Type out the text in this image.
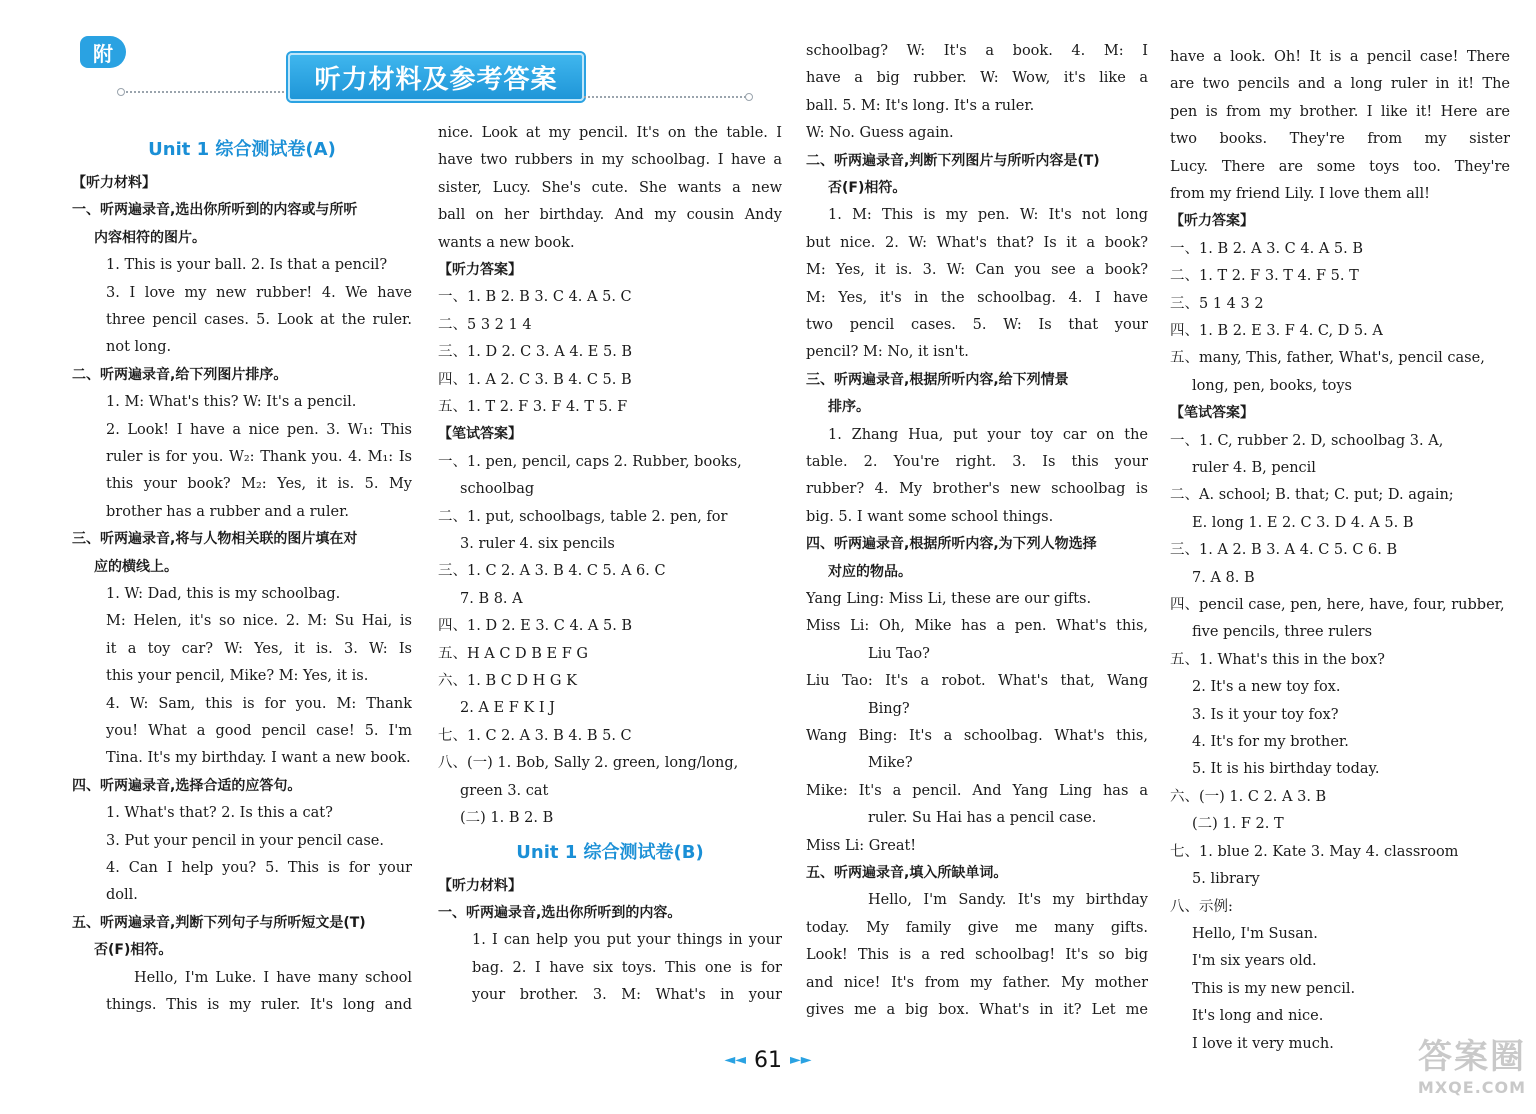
附
听力材料及参考答案
Unit 1 综合测试卷(A)
【听力材料】
一、听两遍录音,选出你所听到的内容或与所听
内容相符的图片。
1. This is your ball. 2. Is that a pencil?
3. I love my new rubber! 4. We have
three pencil cases. 5. Look at the ruler.
not long.
二、听两遍录音,给下列图片排序。
1. M: What's this? W: It's a pencil.
2. Look! I have a nice pen. 3. W₁: This
ruler is for you. W₂: Thank you. 4. M₁: Is
this your book? M₂: Yes, it is. 5. My
brother has a rubber and a ruler.
三、听两遍录音,将与人物相关联的图片填在对
应的横线上。
1. W: Dad, this is my schoolbag.
M: Helen, it's so nice. 2. M: Su Hai, is
it a toy car? W: Yes, it is. 3. W: Is
this your pencil, Mike? M: Yes, it is.
4. W: Sam, this is for you. M: Thank
you! What a good pencil case! 5. I'm
Tina. It's my birthday. I want a new book.
四、听两遍录音,选择合适的应答句。
1. What's that? 2. Is this a cat?
3. Put your pencil in your pencil case.
4. Can I help you? 5. This is for your
doll.
五、听两遍录音,判断下列句子与所听短文是(T)
否(F)相符。
Hello, I'm Luke. I have many school
things. This is my ruler. It's long and
nice. Look at my pencil. It's on the table. I
have two rubbers in my schoolbag. I have a
sister, Lucy. She's cute. She wants a new
ball on her birthday. And my cousin Andy
wants a new book.
【听力答案】
一、1. B 2. B 3. C 4. A 5. C
二、5 3 2 1 4
三、1. D 2. C 3. A 4. E 5. B
四、1. A 2. C 3. B 4. C 5. B
五、1. T 2. F 3. F 4. T 5. F
【笔试答案】
一、1. pen, pencil, caps 2. Rubber, books,
schoolbag
二、1. put, schoolbags, table 2. pen, for
3. ruler 4. six pencils
三、1. C 2. A 3. B 4. C 5. A 6. C
7. B 8. A
四、1. D 2. E 3. C 4. A 5. B
五、H A C D B E F G
六、1. B C D H G K
2. A E F K I J
七、1. C 2. A 3. B 4. B 5. C
八、(一) 1. Bob, Sally 2. green, long/long,
green 3. cat
(二) 1. B 2. B
Unit 1 综合测试卷(B)
【听力材料】
一、听两遍录音,选出你所听到的内容。
1. I can help you put your things in your
bag. 2. I have six toys. This one is for
your brother. 3. M: What's in your
schoolbag? W: It's a book. 4. M: I
have a big rubber. W: Wow, it's like a
ball. 5. M: It's long. It's a ruler.
W: No. Guess again.
二、听两遍录音,判断下列图片与所听内容是(T)
否(F)相符。
1. M: This is my pen. W: It's not long
but nice. 2. W: What's that? Is it a book?
M: Yes, it is. 3. W: Can you see a book?
M: Yes, it's in the schoolbag. 4. I have
two pencil cases. 5. W: Is that your
pencil? M: No, it isn't.
三、听两遍录音,根据所听内容,给下列情景
排序。
1. Zhang Hua, put your toy car on the
table. 2. You're right. 3. Is this your
rubber? 4. My brother's new schoolbag is
big. 5. I want some school things.
四、听两遍录音,根据所听内容,为下列人物选择
对应的物品。
Yang Ling: Miss Li, these are our gifts.
Miss Li: Oh, Mike has a pen. What's this,
Liu Tao?
Liu Tao: It's a robot. What's that, Wang
Bing?
Wang Bing: It's a schoolbag. What's this,
Mike?
Mike: It's a pencil. And Yang Ling has a
ruler. Su Hai has a pencil case.
Miss Li: Great!
五、听两遍录音,填入所缺单词。
Hello, I'm Sandy. It's my birthday
today. My family give me many gifts.
Look! This is a red schoolbag! It's so big
and nice! It's from my father. My mother
gives me a big box. What's in it? Let me
have a look. Oh! It is a pencil case! There
are two pencils and a long ruler in it! The
pen is from my brother. I like it! Here are
two books. They're from my sister
Lucy. There are some toys too. They're
from my friend Lily. I love them all!
【听力答案】
一、1. B 2. A 3. C 4. A 5. B
二、1. T 2. F 3. T 4. F 5. T
三、5 1 4 3 2
四、1. B 2. E 3. F 4. C, D 5. A
五、many, This, father, What's, pencil case,
long, pen, books, toys
【笔试答案】
一、1. C, rubber 2. D, schoolbag 3. A,
ruler 4. B, pencil
二、A. school; B. that; C. put; D. again;
E. long 1. E 2. C 3. D 4. A 5. B
三、1. A 2. B 3. A 4. C 5. C 6. B
7. A 8. B
四、pencil case, pen, here, have, four, rubber,
five pencils, three rulers
五、1. What's this in the box?
2. It's a new toy fox.
3. Is it your toy fox?
4. It's for my brother.
5. It is his birthday today.
六、(一) 1. C 2. A 3. B
(二) 1. F 2. T
七、1. blue 2. Kate 3. May 4. classroom
5. library
八、示例:
Hello, I'm Susan.
I'm six years old.
This is my new pencil.
It's long and nice.
I love it very much.
◄◄ 61 ►►	答案圈
MXQE.COM
